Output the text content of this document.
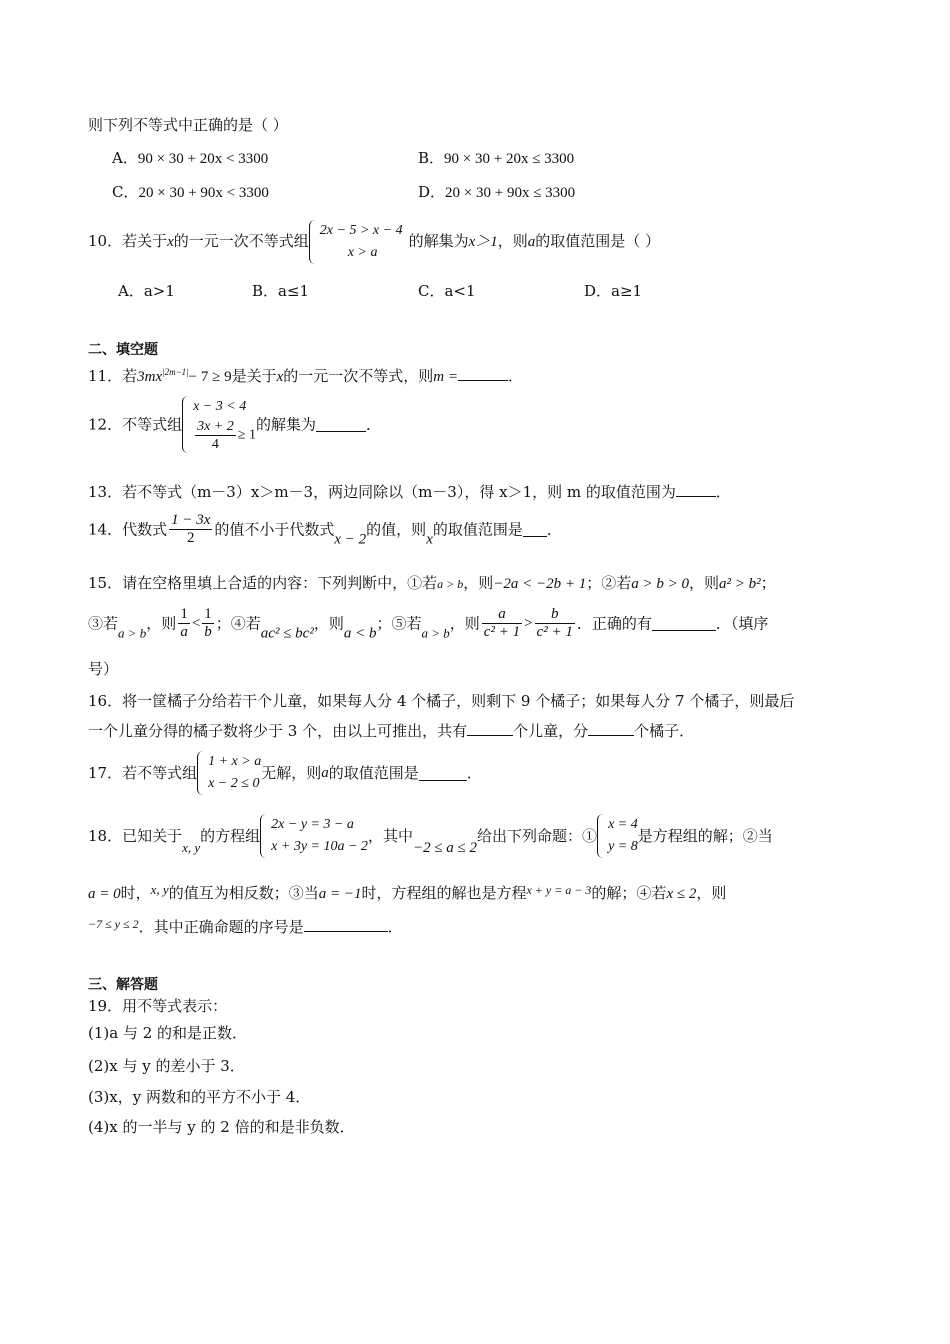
则下列不等式中正确的是（ ）
A．90 × 30 + 20x < 3300	B．90 × 30 + 20x ≤ 3300
C．20 × 30 + 90x < 3300	D．20 × 30 + 90x ≤ 3300
10．若关于x的一元一次不等式组
2x − 5 > x − 4
x > a
的解集为x＞1，则a的取值范围是（ ）
A．a>1	B．a≤1	C．a<1	D．a≥1
二、填空题
11．若$3mx^{|2m-1|}- 7 \ge 9$是关于x的一元一次不等式，则m =	．
12．不等式组
x − 3 < 4
$\frac{3x + 2}{4} \ge 1$
的解集为	．
13．若不等式（m－3）x＞m－3，两边同除以（m－3），得 x＞1，则 m 的取值范围为	．
14．代数式 $\frac{1 - 3x}{2}$ 的值不小于代数式x − 2的值，则x的取值范围是 ．
15．请在空格里填上合适的内容：下列判断中，①若a > b，则−2a < −2b + 1；②若a > b > 0，则a² > b²；
③若a > b，则 $\frac{1}{a} < \frac{1}{b}$ ；④若ac² ≤ bc²，则a < b；⑤若a > b，则 $\frac{a}{\text{c² + 1}} > \frac{b}{\text{c² + 1}}$ ．正确的有	．（填序
号）
16．将一筐橘子分给若干个儿童，如果每人分 4 个橘子，则剩下 9 个橘子；如果每人分 7 个橘子，则最后
一个儿童分得的橘子数将少于 3 个，由以上可推出，共有	个儿童，分	个橘子．
17．若不等式组
1 + x > a
x − 2 ≤ 0
无解，则a的取值范围是	．
18．已知关于x, y的方程组
2x − y = 3 − a
x + 3y = 10a − 2
，其中−2 ≤ a ≤ 2给出下列命题：①
x = 4
y = 8
是方程组的解；②当
a = 0时，x, y的值互为相反数；③当a = −1时，方程组的解也是方程$^{x + y = a - 3}$的解；④若x ≤ 2，则
$^{-7 \le y \le 2}$．其中正确命题的序号是	．
三、解答题
19．用不等式表示：
(1)a 与 2 的和是正数．
(2)x 与 y 的差小于 3．
(3)x，y 两数和的平方不小于 4．
(4)x 的一半与 y 的 2 倍的和是非负数．
